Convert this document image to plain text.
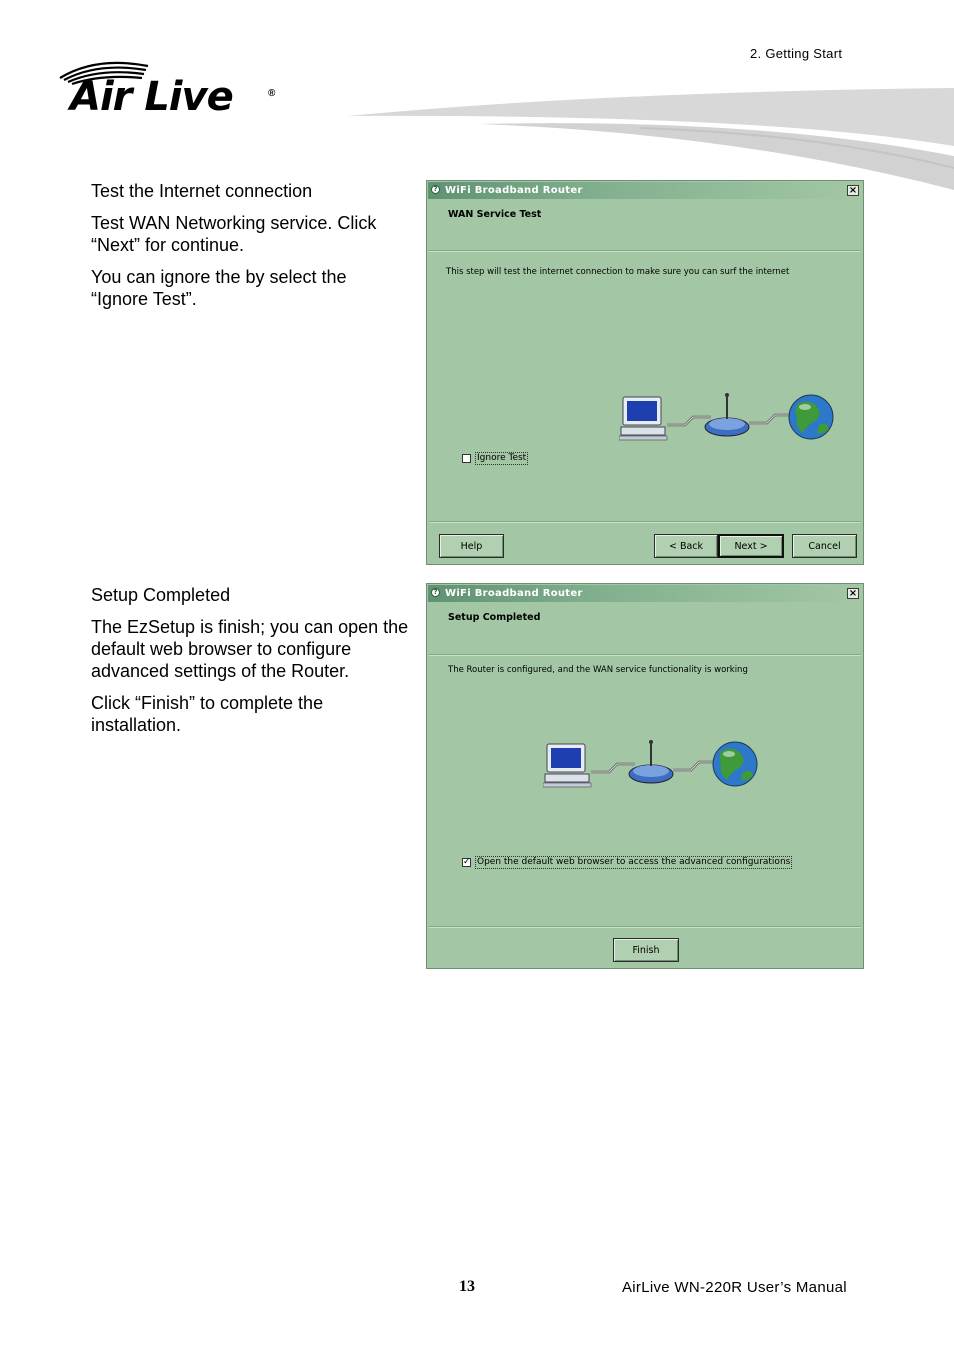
2. Getting Start
Air Live	®
Test the Internet connection
Test WAN Networking service. Click “Next” for continue.
You can ignore the by select the “Ignore Test”.
? WiFi Broadband Router	×
WAN Service Test
This step will test the internet connection to make sure you can surf the internet
Ignore Test
Help	< Back	Next >	Cancel
Setup Completed
The EzSetup is finish; you can open the default web browser to configure advanced settings of the Router.
Click “Finish” to complete the installation.
? WiFi Broadband Router	×
Setup Completed
The Router is configured, and the WAN service functionality is working
✓ Open the default web browser to access the advanced configurations
Finish
13	AirLive WN-220R User’s Manual
